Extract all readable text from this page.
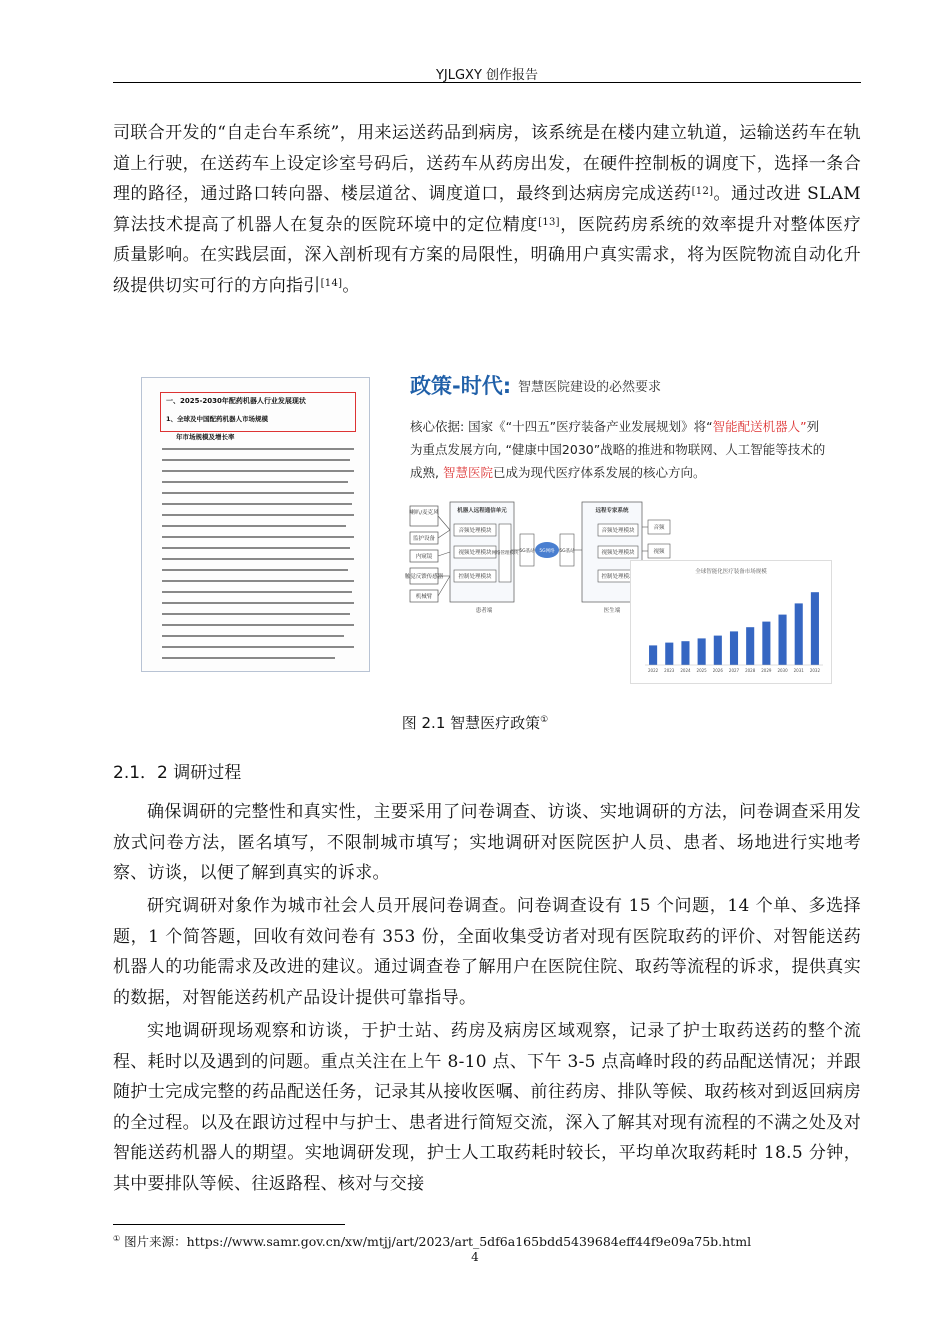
YJLGXY 创作报告

司联合开发的“自走台车系统”，用来运送药品到病房，该系统是在楼内建立轨道，运输送药车在轨道上行驶，在送药车上设定诊室号码后，送药车从药房出发，在硬件控制板的调度下，选择一条合理的路径，通过路口转向器、楼层道岔、调度道口，最终到达病房完成送药[12]。通过改进 SLAM 算法技术提高了机器人在复杂的医院环境中的定位精度[13]，医院药房系统的效率提升对整体医疗质量影响。在实践层面，深入剖析现有方案的局限性，明确用户真实需求，将为医院物流自动化升级提供切实可行的方向指引[14]。

一、2025-2030年配药机器人行业发展现状
1、全球及中国配药机器人市场规模
年市场规模及增长率
政策-时代: 智慧医院建设的必然要求
核心依据: 国家《“十四五”医疗装备产业发展规划》将“智能配送机器人”列为重点发展方向, “健康中国2030”战略的推进和物联网、人工智能等技术的成熟, 智慧医院已成为现代医疗体系发展的核心方向。
喇叭/麦克风
监护设备
内窥镜
触觉反馈传感器
机械臂
机器人远程通信单元
音频处理模块
视频处理模块
控制处理模块
网络管理模块 5G基站 5G网络 5G基站
远程专家系统
音频处理模块
视频处理模块
控制处理模块
音频
视频
控制
患者端	医生端
全球智能化医疗装备市场规模
2022 2023 2024 2025 2026 2027 2028 2029 2030 2031 2032
图 2.1 智慧医疗政策①
2.1．2 调研过程

确保调研的完整性和真实性，主要采用了问卷调查、访谈、实地调研的方法，问卷调查采用发放式问卷方法，匿名填写，不限制城市填写；实地调研对医院医护人员、患者、场地进行实地考察、访谈，以便了解到真实的诉求。

研究调研对象作为城市社会人员开展问卷调查。问卷调查设有 15 个问题，14 个单、多选择题，1 个简答题，回收有效问卷有 353 份，全面收集受访者对现有医院取药的评价、对智能送药机器人的功能需求及改进的建议。通过调查卷了解用户在医院住院、取药等流程的诉求，提供真实的数据，对智能送药机产品设计提供可靠指导。

实地调研现场观察和访谈，于护士站、药房及病房区域观察，记录了护士取药送药的整个流程、耗时以及遇到的问题。重点关注在上午 8-10 点、下午 3-5 点高峰时段的药品配送情况；并跟随护士完成完整的药品配送任务，记录其从接收医嘱、前往药房、排队等候、取药核对到返回病房的全过程。以及在跟访过程中与护士、患者进行简短交流，深入了解其对现有流程的不满之处及对智能送药机器人的期望。实地调研发现，护士人工取药耗时较长，平均单次取药耗时 18.5 分钟，其中要排队等候、往返路程、核对与交接

① 图片来源：https://www.samr.gov.cn/xw/mtjj/art/2023/art_5df6a165bdd5439684eff44f9e09a75b.html
4
